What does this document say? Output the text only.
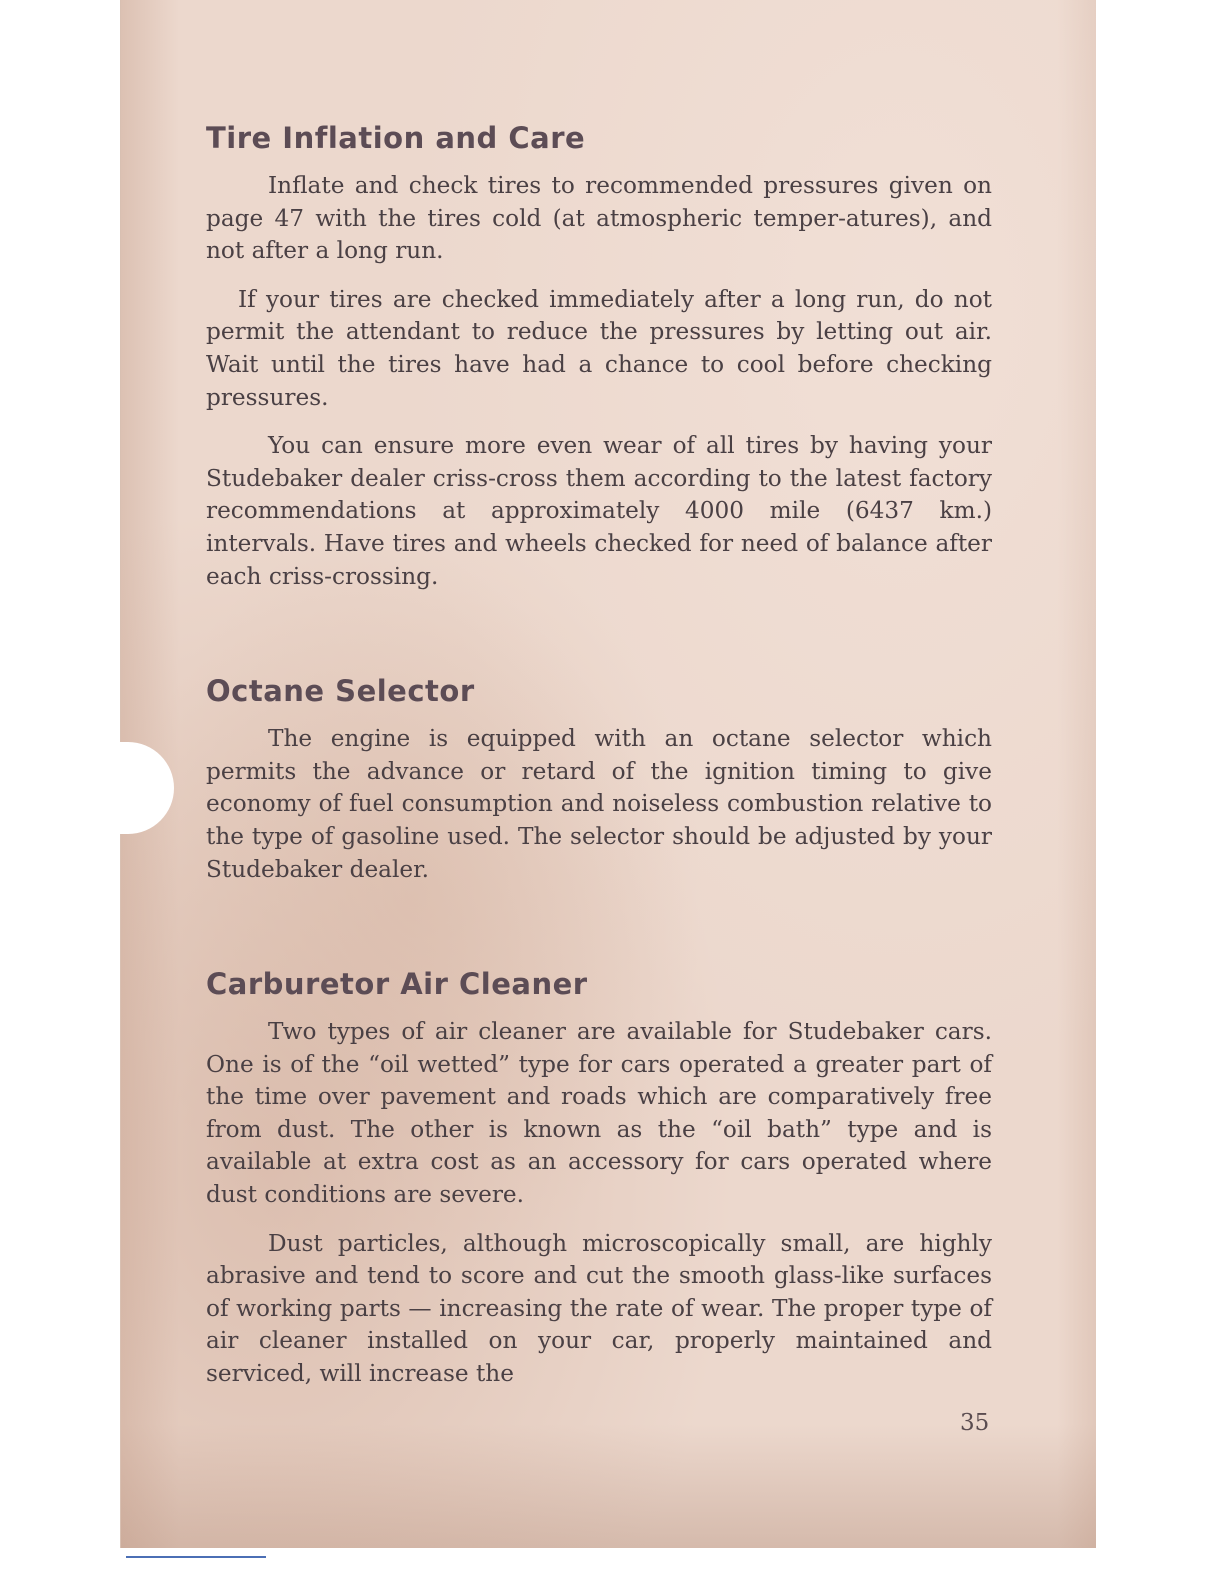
Tire Inflation and Care

Inflate and check tires to recommended pressures given on page 47 with the tires cold (at atmospheric temper-atures), and not after a long run.

If your tires are checked immediately after a long run, do not permit the attendant to reduce the pressures by letting out air. Wait until the tires have had a chance to cool before checking pressures.

You can ensure more even wear of all tires by having your Studebaker dealer criss-cross them according to the latest factory recommendations at approximately 4000 mile (6437 km.) intervals. Have tires and wheels checked for need of balance after each criss-crossing.

Octane Selector

The engine is equipped with an octane selector which permits the advance or retard of the ignition timing to give economy of fuel consumption and noiseless combustion relative to the type of gasoline used. The selector should be adjusted by your Studebaker dealer.

Carburetor Air Cleaner

Two types of air cleaner are available for Studebaker cars. One is of the “oil wetted” type for cars operated a greater part of the time over pavement and roads which are comparatively free from dust. The other is known as the “oil bath” type and is available at extra cost as an accessory for cars operated where dust conditions are severe.

Dust particles, although microscopically small, are highly abrasive and tend to score and cut the smooth glass-like surfaces of working parts — increasing the rate of wear. The proper type of air cleaner installed on your car, properly maintained and serviced, will increase the

35
